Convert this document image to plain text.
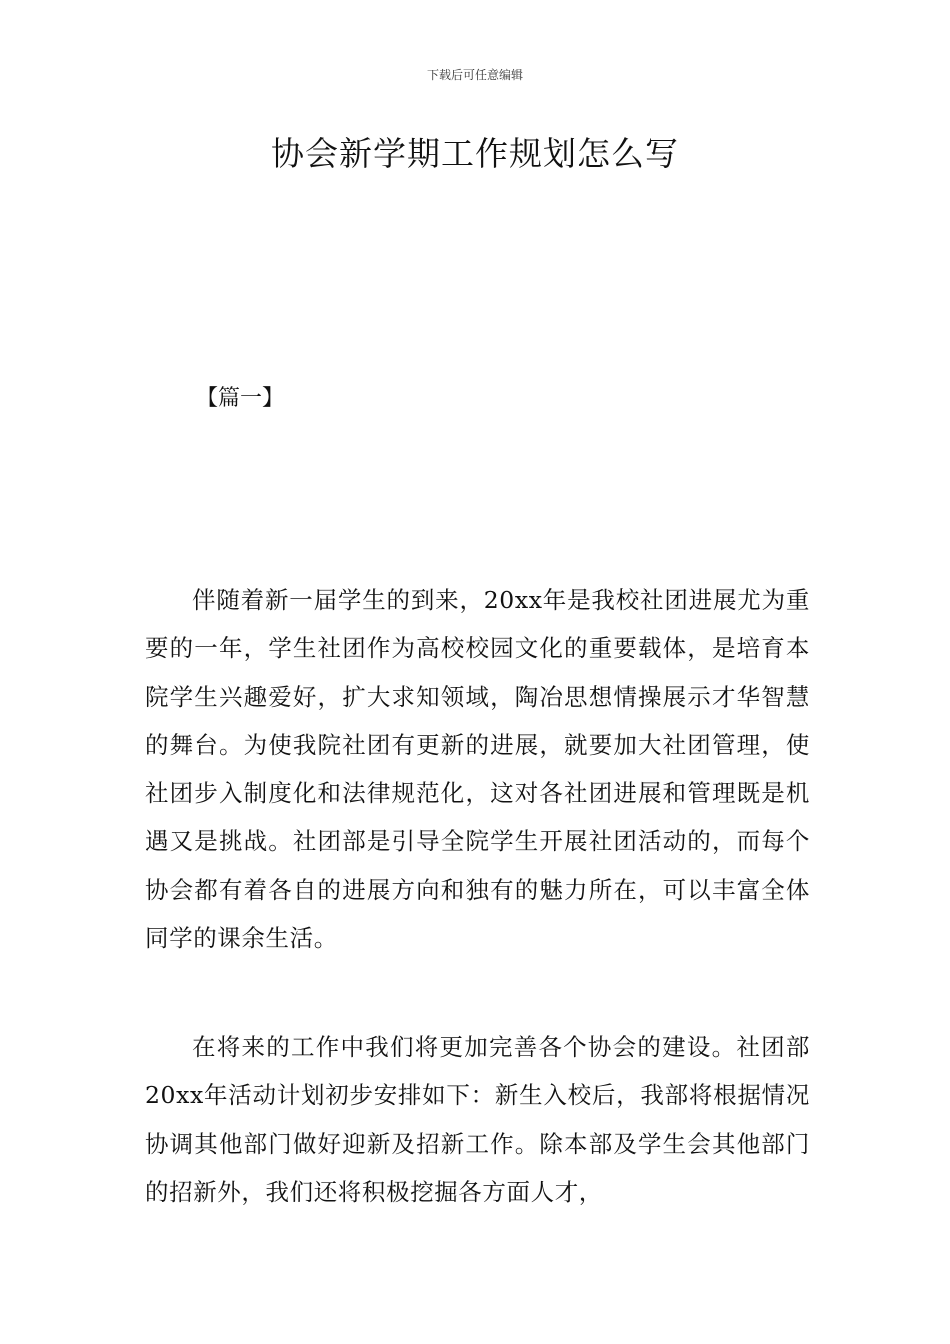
下载后可任意编辑
协会新学期工作规划怎么写
【篇一】

伴随着新一届学生的到来，20xx年是我校社团进展尤为重要的一年，学生社团作为高校校园文化的重要载体，是培育本院学生兴趣爱好，扩大求知领域，陶冶思想情操展示才华智慧的舞台。为使我院社团有更新的进展，就要加大社团管理，使社团步入制度化和法律规范化，这对各社团进展和管理既是机遇又是挑战。社团部是引导全院学生开展社团活动的，而每个协会都有着各自的进展方向和独有的魅力所在，可以丰富全体同学的课余生活。

在将来的工作中我们将更加完善各个协会的建设。社团部20xx年活动计划初步安排如下：新生入校后，我部将根据情况协调其他部门做好迎新及招新工作。除本部及学生会其他部门的招新外，我们还将积极挖掘各方面人才，
